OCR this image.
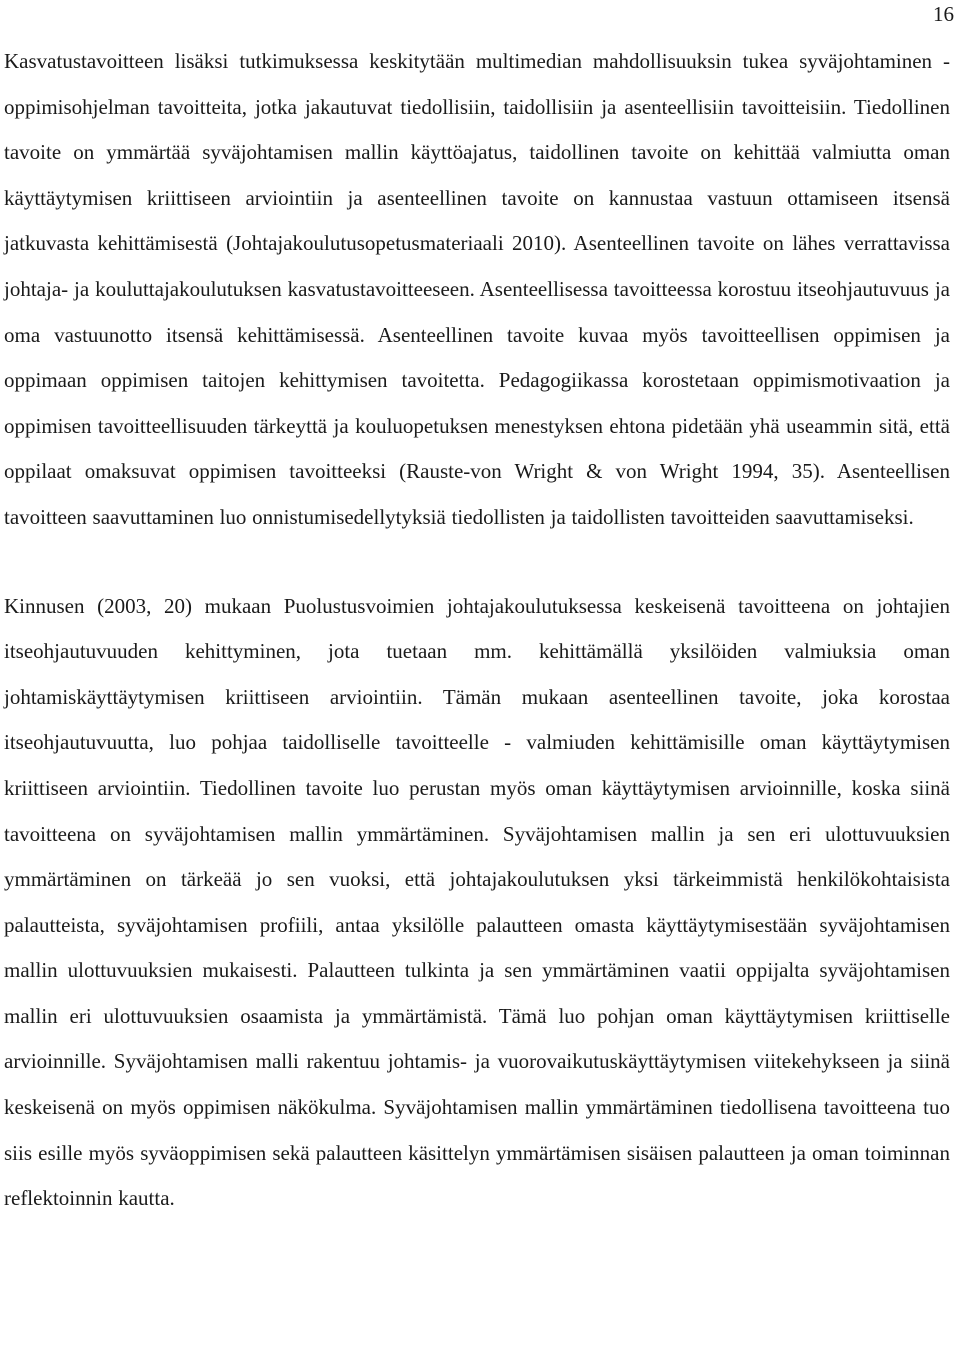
16

Kasvatustavoitteen lisäksi tutkimuksessa keskitytään multimedian mahdollisuuksin tukea syväjohtaminen - oppimisohjelman tavoitteita, jotka jakautuvat tiedollisiin, taidollisiin ja asenteellisiin tavoitteisiin. Tiedollinen tavoite on ymmärtää syväjohtamisen mallin käyttöajatus, taidollinen tavoite on kehittää valmiutta oman käyttäytymisen kriittiseen arviointiin ja asenteellinen tavoite on kannustaa vastuun ottamiseen itsensä jatkuvasta kehittämisestä (Johtajakoulutusopetusmateriaali 2010). Asenteellinen tavoite on lähes verrattavissa johtaja- ja kouluttajakoulutuksen kasvatustavoitteeseen. Asenteellisessa tavoitteessa korostuu itseohjautuvuus ja oma vastuunotto itsensä kehittämisessä. Asenteellinen tavoite kuvaa myös tavoitteellisen oppimisen ja oppimaan oppimisen taitojen kehittymisen tavoitetta. Pedagogiikassa korostetaan oppimismotivaation ja oppimisen tavoitteellisuuden tärkeyttä ja kouluopetuksen menestyksen ehtona pidetään yhä useammin sitä, että oppilaat omaksuvat oppimisen tavoitteeksi (Rauste-von Wright & von Wright 1994, 35). Asenteellisen tavoitteen saavuttaminen luo onnistumisedellytyksiä tiedollisten ja taidollisten tavoitteiden saavuttamiseksi.

Kinnusen (2003, 20) mukaan Puolustusvoimien johtajakoulutuksessa keskeisenä tavoitteena on johtajien itseohjautuvuuden kehittyminen, jota tuetaan mm. kehittämällä yksilöiden valmiuksia oman johtamiskäyttäytymisen kriittiseen arviointiin. Tämän mukaan asenteellinen tavoite, joka korostaa itseohjautuvuutta, luo pohjaa taidolliselle tavoitteelle - valmiuden kehittämisille oman käyttäytymisen kriittiseen arviointiin. Tiedollinen tavoite luo perustan myös oman käyttäytymisen arvioinnille, koska siinä tavoitteena on syväjohtamisen mallin ymmärtäminen. Syväjohtamisen mallin ja sen eri ulottuvuuksien ymmärtäminen on tärkeää jo sen vuoksi, että johtajakoulutuksen yksi tärkeimmistä henkilökohtaisista palautteista, syväjohtamisen profiili, antaa yksilölle palautteen omasta käyttäytymisestään syväjohtamisen mallin ulottuvuuksien mukaisesti. Palautteen tulkinta ja sen ymmärtäminen vaatii oppijalta syväjohtamisen mallin eri ulottuvuuksien osaamista ja ymmärtämistä. Tämä luo pohjan oman käyttäytymisen kriittiselle arvioinnille. Syväjohtamisen malli rakentuu johtamis- ja vuorovaikutuskäyttäytymisen viitekehykseen ja siinä keskeisenä on myös oppimisen näkökulma. Syväjohtamisen mallin ymmärtäminen tiedollisena tavoitteena tuo siis esille myös syväoppimisen sekä palautteen käsittelyn ymmärtämisen sisäisen palautteen ja oman toiminnan reflektoinnin kautta.
